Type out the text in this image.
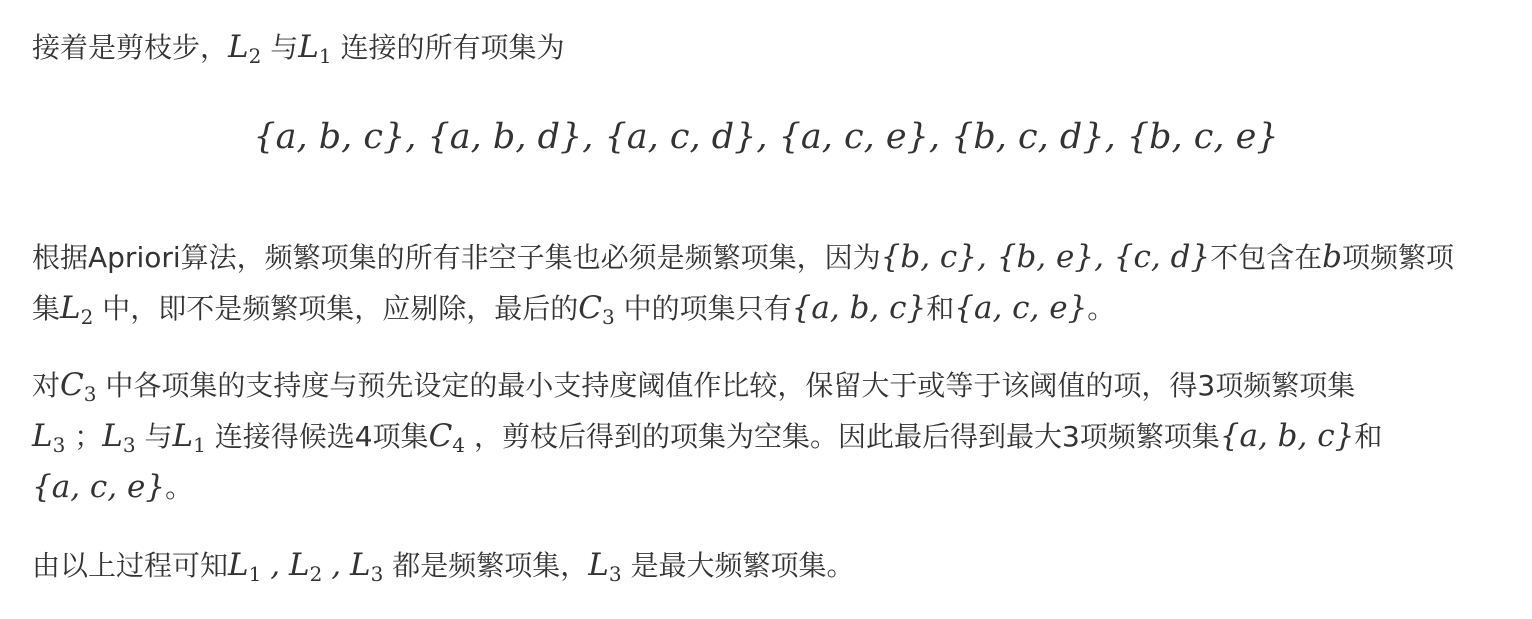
接着是剪枝步，$L_2$ 与$L_1$ 连接的所有项集为

{a, b, c}, {a, b, d}, {a, c, d}, {a, c, e}, {b, c, d}, {b, c, e}

根据Apriori算法，频繁项集的所有非空子集也必须是频繁项集，因为{b, c}, {b, e}, {c, d}不包含在b项频繁项

集$L_2$ 中，即不是频繁项集，应剔除，最后的$C_3$ 中的项集只有{a, b, c}和{a, c, e}。

对$C_3$ 中各项集的支持度与预先设定的最小支持度阈值作比较，保留大于或等于该阈值的项，得3项频繁项集

$L_3$ ；$L_3$ 与$L_1$ 连接得候选4项集$C_4$ ，剪枝后得到的项集为空集。因此最后得到最大3项频繁项集{a, b, c}和

{a, c, e}。

由以上过程可知$L_1$ , $L_2$ , $L_3$ 都是频繁项集，$L_3$ 是最大频繁项集。
